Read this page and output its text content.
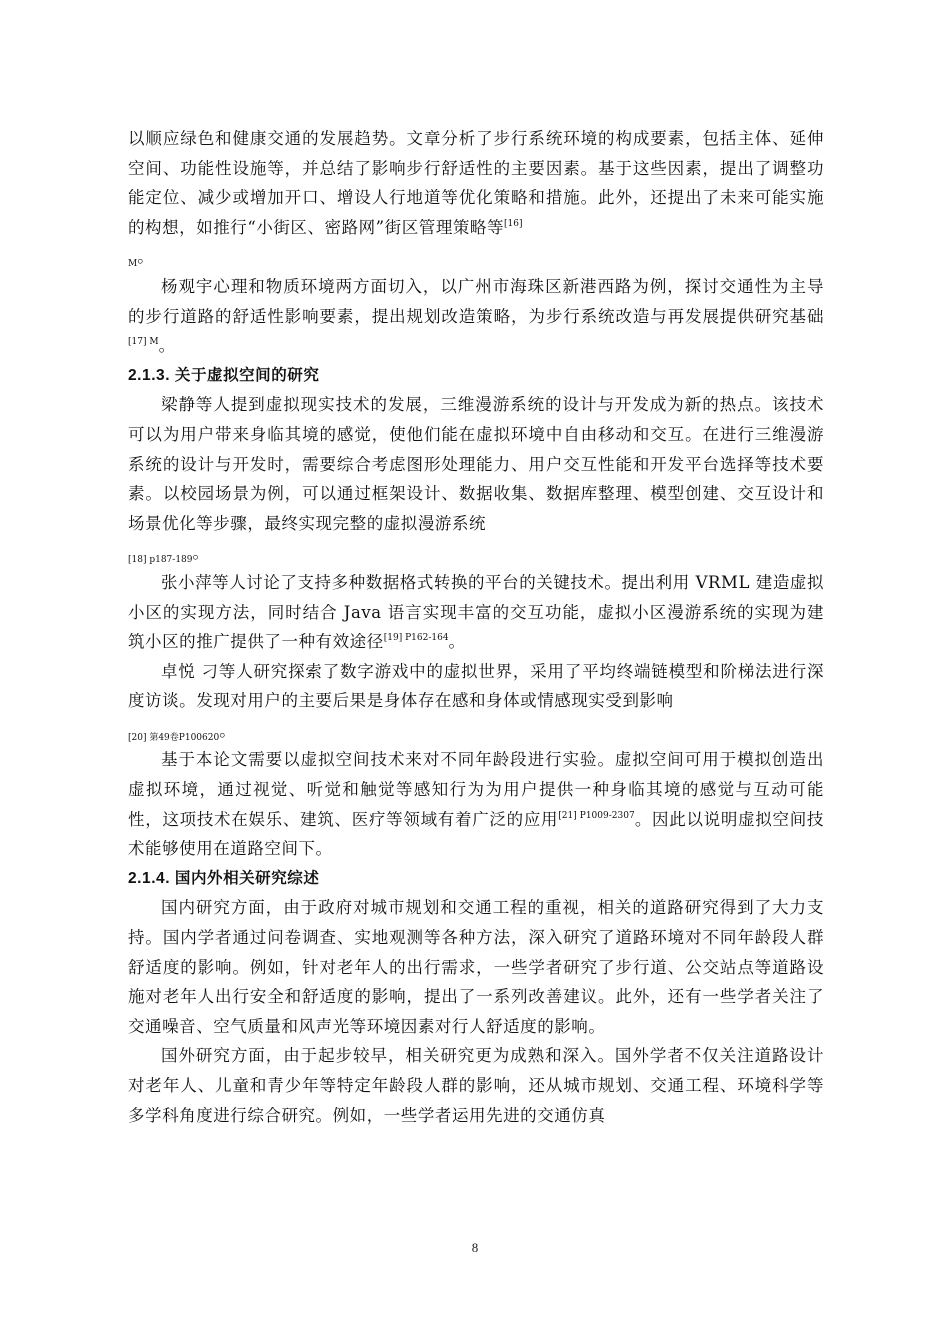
以顺应绿色和健康交通的发展趋势。文章分析了步行系统环境的构成要素，包括主体、延伸空间、功能性设施等，并总结了影响步行舒适性的主要因素。基于这些因素，提出了调整功能定位、减少或增加开口、增设人行地道等优化策略和措施。此外，还提出了未来可能实施的构想，如推行“小街区、密路网”街区管理策略等[16]
$_M$。

杨观宇心理和物质环境两方面切入，以广州市海珠区新港西路为例，探讨交通性为主导的步行道路的舒适性影响要素，提出规划改造策略，为步行系统改造与再发展提供研究基础$^{[17] M}$。

2.1.3. 关于虚拟空间的研究

梁静等人提到虚拟现实技术的发展，三维漫游系统的设计与开发成为新的热点。该技术可以为用户带来身临其境的感觉，使他们能在虚拟环境中自由移动和交互。在进行三维漫游系统的设计与开发时，需要综合考虑图形处理能力、用户交互性能和开发平台选择等技术要素。以校园场景为例，可以通过框架设计、数据收集、数据库整理、模型创建、交互设计和场景优化等步骤，最终实现完整的虚拟漫游系统
$_{[18] p187-189}$。

张小萍等人讨论了支持多种数据格式转换的平台的关键技术。提出利用 VRML 建造虚拟小区的实现方法，同时结合 Java 语言实现丰富的交互功能，虚拟小区漫游系统的实现为建筑小区的推广提供了一种有效途径$^{[19] P162-164}$。

卓悦 刁等人研究探索了数字游戏中的虚拟世界，采用了平均终端链模型和阶梯法进行深度访谈。发现对用户的主要后果是身体存在感和身体或情感现实受到影响
$_{[20] 第49卷P100620}$。

基于本论文需要以虚拟空间技术来对不同年龄段进行实验。虚拟空间可用于模拟创造出虚拟环境，通过视觉、听觉和触觉等感知行为为用户提供一种身临其境的感觉与互动可能性，这项技术在娱乐、建筑、医疗等领域有着广泛的应用$^{[21] P1009-2307}$。因此以说明虚拟空间技术能够使用在道路空间下。

2.1.4. 国内外相关研究综述

国内研究方面，由于政府对城市规划和交通工程的重视，相关的道路研究得到了大力支持。国内学者通过问卷调查、实地观测等各种方法，深入研究了道路环境对不同年龄段人群舒适度的影响。例如，针对老年人的出行需求，一些学者研究了步行道、公交站点等道路设施对老年人出行安全和舒适度的影响，提出了一系列改善建议。此外，还有一些学者关注了交通噪音、空气质量和风声光等环境因素对行人舒适度的影响。

国外研究方面，由于起步较早，相关研究更为成熟和深入。国外学者不仅关注道路设计对老年人、儿童和青少年等特定年龄段人群的影响，还从城市规划、交通工程、环境科学等多学科角度进行综合研究。例如，一些学者运用先进的交通仿真

8
